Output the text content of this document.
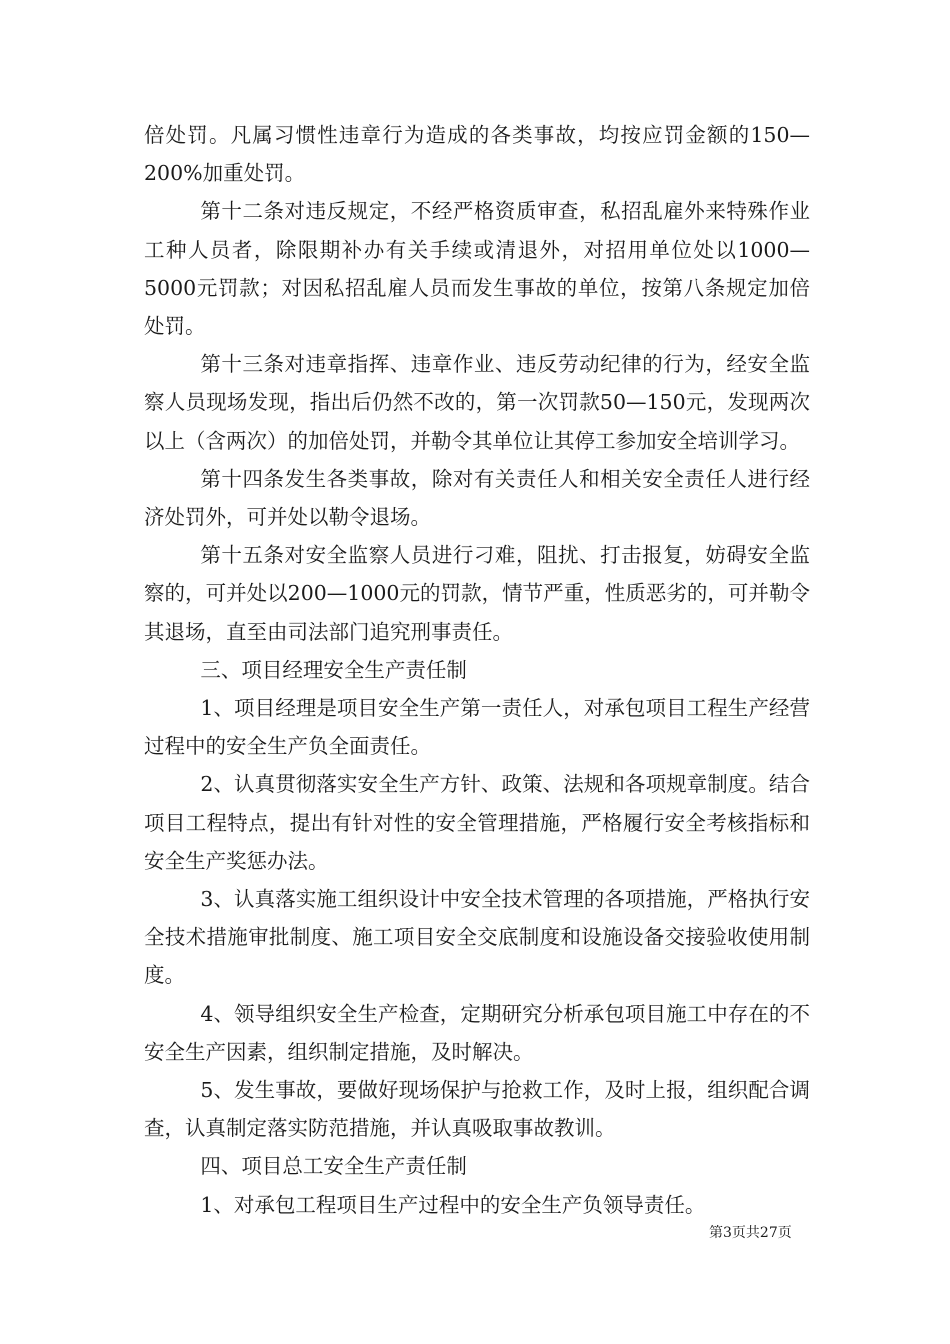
倍处罚。凡属习惯性违章行为造成的各类事故，均按应罚金额的150—200%加重处罚。

第十二条对违反规定，不经严格资质审查，私招乱雇外来特殊作业工种人员者，除限期补办有关手续或清退外，对招用单位处以1000—5000元罚款；对因私招乱雇人员而发生事故的单位，按第八条规定加倍处罚。

第十三条对违章指挥、违章作业、违反劳动纪律的行为，经安全监察人员现场发现，指出后仍然不改的，第一次罚款50—150元，发现两次以上（含两次）的加倍处罚，并勒令其单位让其停工参加安全培训学习。

第十四条发生各类事故，除对有关责任人和相关安全责任人进行经济处罚外，可并处以勒令退场。

第十五条对安全监察人员进行刁难，阻扰、打击报复，妨碍安全监察的，可并处以200—1000元的罚款，情节严重，性质恶劣的，可并勒令其退场，直至由司法部门追究刑事责任。

三、项目经理安全生产责任制

1、项目经理是项目安全生产第一责任人，对承包项目工程生产经营过程中的安全生产负全面责任。

2、认真贯彻落实安全生产方针、政策、法规和各项规章制度。结合项目工程特点，提出有针对性的安全管理措施，严格履行安全考核指标和安全生产奖惩办法。

3、认真落实施工组织设计中安全技术管理的各项措施，严格执行安全技术措施审批制度、施工项目安全交底制度和设施设备交接验收使用制度。

4、领导组织安全生产检查，定期研究分析承包项目施工中存在的不安全生产因素，组织制定措施，及时解决。

5、发生事故，要做好现场保护与抢救工作，及时上报，组织配合调查，认真制定落实防范措施，并认真吸取事故教训。

四、项目总工安全生产责任制

1、对承包工程项目生产过程中的安全生产负领导责任。

第3页共27页
